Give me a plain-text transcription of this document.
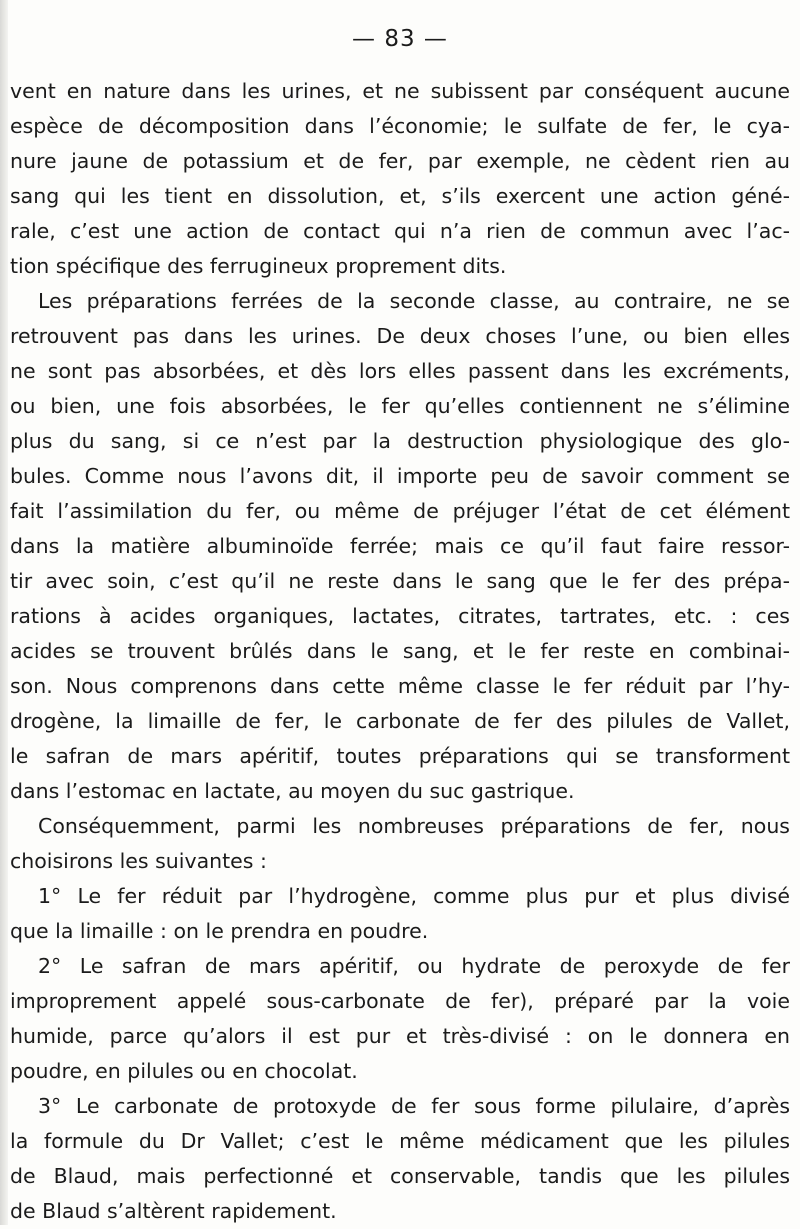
— 83 —
vent en nature dans les urines, et ne subissent par conséquent aucune
espèce de décomposition dans l’économie; le sulfate de fer, le cya-
nure jaune de potassium et de fer, par exemple, ne cèdent rien au
sang qui les tient en dissolution, et, s’ils exercent une action géné-
rale, c’est une action de contact qui n’a rien de commun avec l’ac-
tion spécifique des ferrugineux proprement dits.
Les préparations ferrées de la seconde classe, au contraire, ne se
retrouvent pas dans les urines. De deux choses l’une, ou bien elles
ne sont pas absorbées, et dès lors elles passent dans les excréments,
ou bien, une fois absorbées, le fer qu’elles contiennent ne s’élimine
plus du sang, si ce n’est par la destruction physiologique des glo-
bules. Comme nous l’avons dit, il importe peu de savoir comment se
fait l’assimilation du fer, ou même de préjuger l’état de cet élément
dans la matière albuminoïde ferrée; mais ce qu’il faut faire ressor-
tir avec soin, c’est qu’il ne reste dans le sang que le fer des prépa-
rations à acides organiques, lactates, citrates, tartrates, etc. : ces
acides se trouvent brûlés dans le sang, et le fer reste en combinai-
son. Nous comprenons dans cette même classe le fer réduit par l’hy-
drogène, la limaille de fer, le carbonate de fer des pilules de Vallet,
le safran de mars apéritif, toutes préparations qui se transforment
dans l’estomac en lactate, au moyen du suc gastrique.
Conséquemment, parmi les nombreuses préparations de fer, nous
choisirons les suivantes :
1° Le fer réduit par l’hydrogène, comme plus pur et plus divisé
que la limaille : on le prendra en poudre.
2° Le safran de mars apéritif, ou hydrate de peroxyde de fer
improprement appelé sous-carbonate de fer), préparé par la voie
humide, parce qu’alors il est pur et très-divisé : on le donnera en
poudre, en pilules ou en chocolat.
3° Le carbonate de protoxyde de fer sous forme pilulaire, d’après
la formule du Dr Vallet; c’est le même médicament que les pilules
de Blaud, mais perfectionné et conservable, tandis que les pilules
de Blaud s’altèrent rapidement.
